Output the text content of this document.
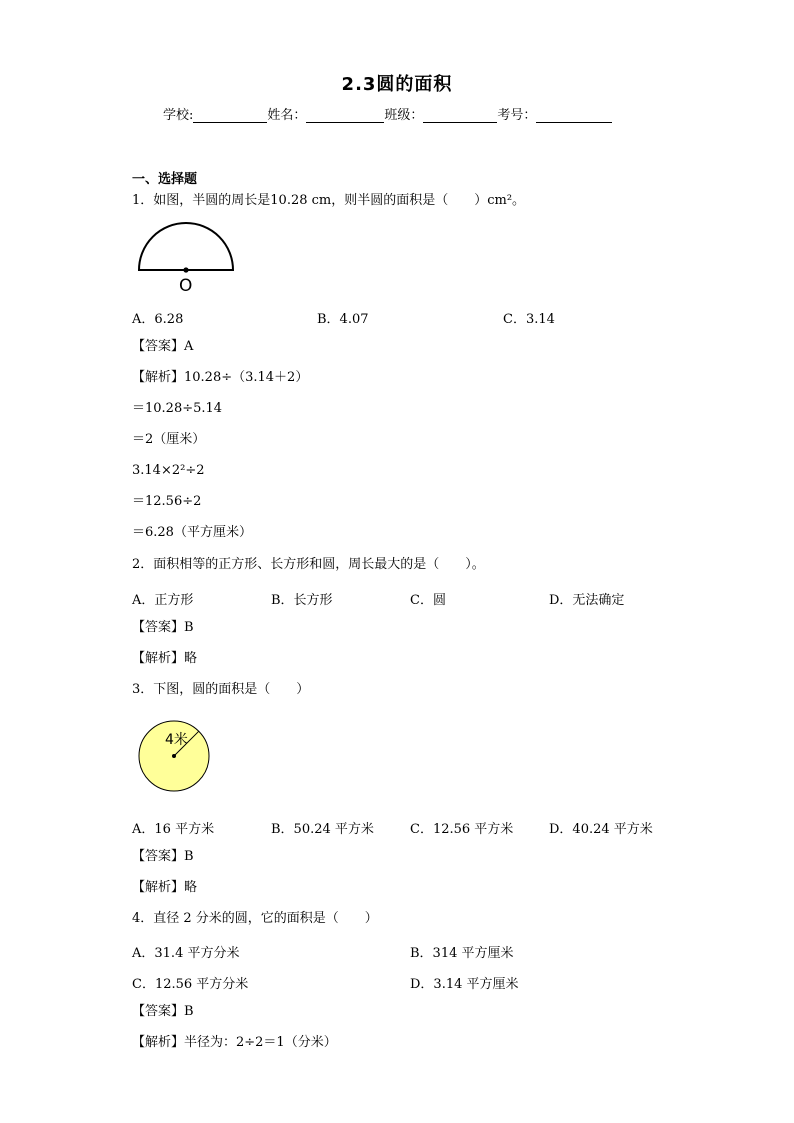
2.3圆的面积
学校:	姓名：	班级：	考号：
一、选择题
1．如图，半圆的周长是10.28 cm，则半圆的面积是（　　）cm²。
O
A．6.28	B．4.07	C．3.14
【答案】A
【解析】10.28÷（3.14＋2）
＝10.28÷5.14
＝2（厘米）
3.14×2²÷2
＝12.56÷2
＝6.28（平方厘米）
2．面积相等的正方形、长方形和圆，周长最大的是（　　）。
A．正方形	B．长方形	C．圆	D．无法确定
【答案】B
【解析】略
3．下图，圆的面积是（　　）
4米
A．16 平方米	B．50.24 平方米	C．12.56 平方米	D．40.24 平方米
【答案】B
【解析】略
4．直径 2 分米的圆，它的面积是（　　）
A．31.4 平方分米	B．314 平方厘米
C．12.56 平方分米	D．3.14 平方厘米
【答案】B
【解析】半径为：2÷2＝1（分米）
